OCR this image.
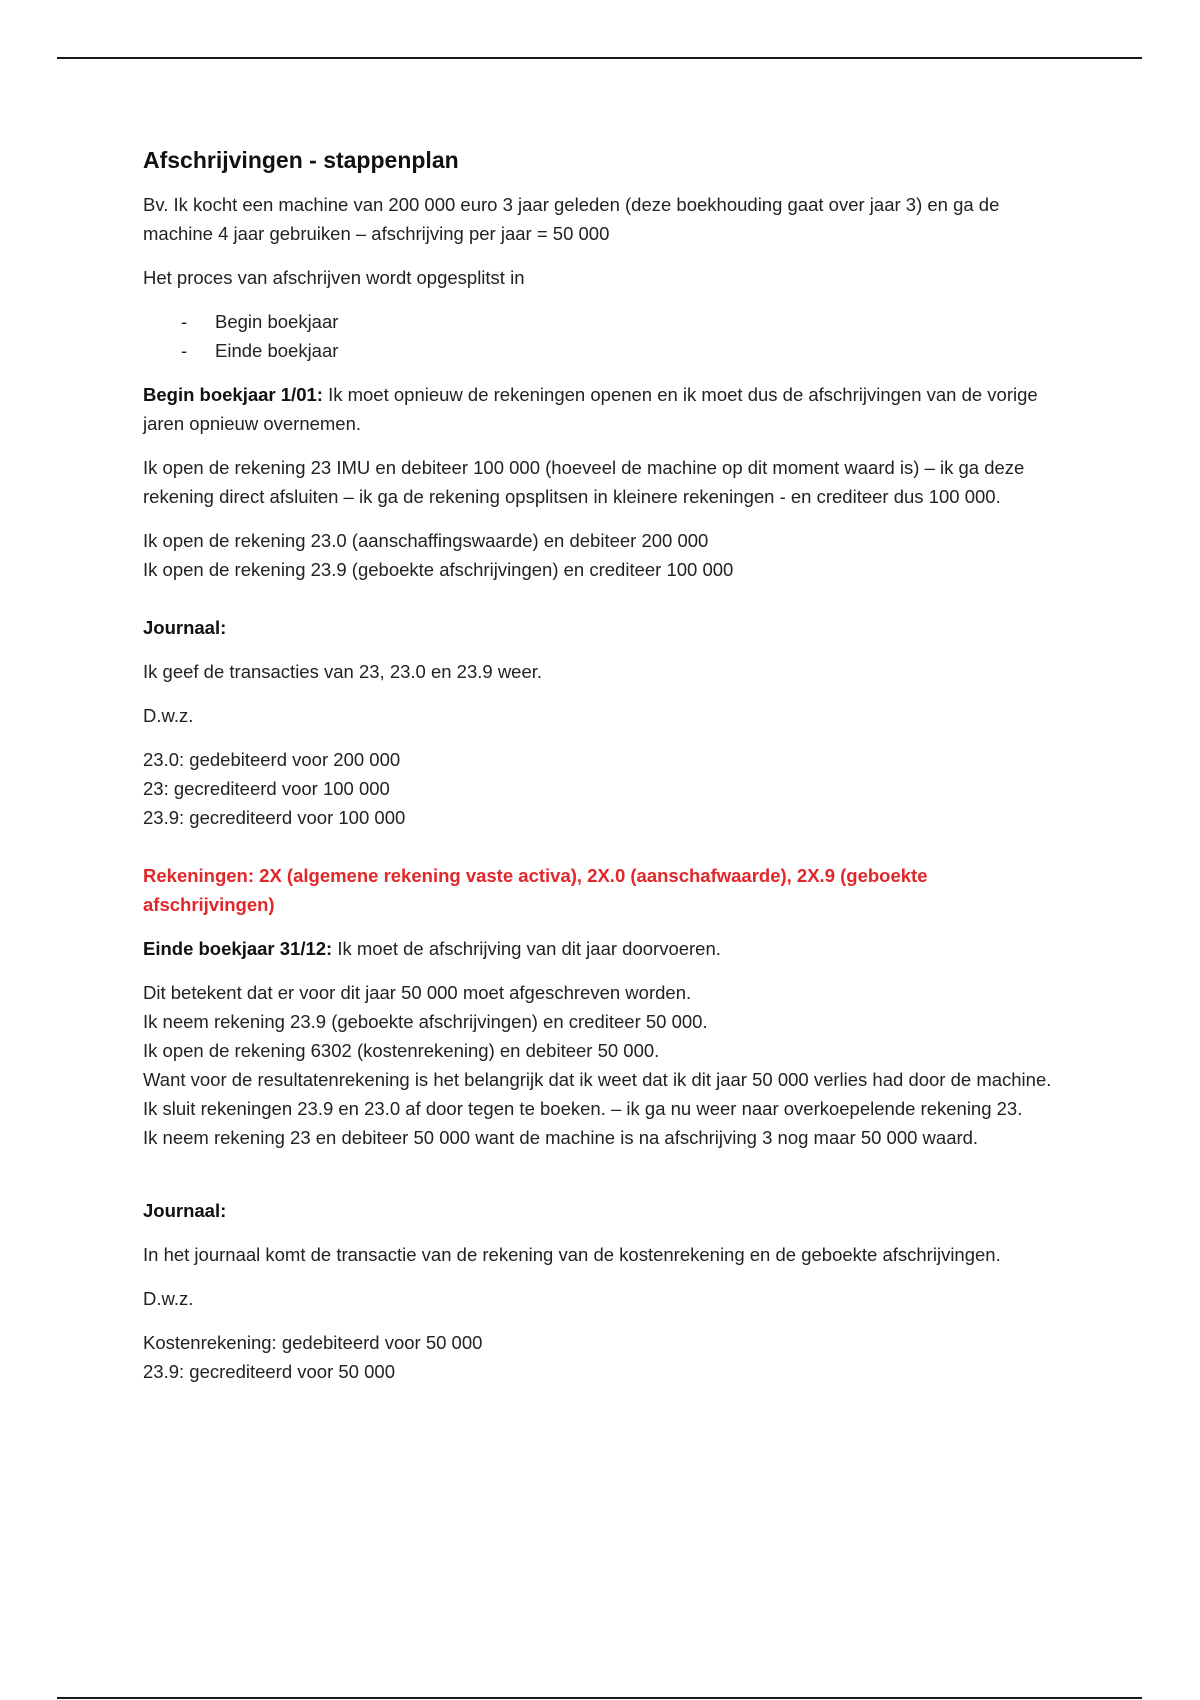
Afschrijvingen - stappenplan

Bv. Ik kocht een machine van 200 000 euro 3 jaar geleden (deze boekhouding gaat over jaar 3) en ga de machine 4 jaar gebruiken – afschrijving per jaar = 50 000

Het proces van afschrijven wordt opgesplitst in

- Begin boekjaar
- Einde boekjaar

Begin boekjaar 1/01: Ik moet opnieuw de rekeningen openen en ik moet dus de afschrijvingen van de vorige jaren opnieuw overnemen.

Ik open de rekening 23 IMU en debiteer 100 000 (hoeveel de machine op dit moment waard is) – ik ga deze rekening direct afsluiten – ik ga de rekening opsplitsen in kleinere rekeningen - en crediteer dus 100 000.

Ik open de rekening 23.0 (aanschaffingswaarde) en debiteer 200 000
Ik open de rekening 23.9 (geboekte afschrijvingen) en crediteer 100 000

Journaal:

Ik geef de transacties van 23, 23.0 en 23.9 weer.

D.w.z.

23.0: gedebiteerd voor 200 000
23: gecrediteerd voor 100 000
23.9: gecrediteerd voor 100 000

Rekeningen: 2X (algemene rekening vaste activa), 2X.0 (aanschafwaarde), 2X.9 (geboekte afschrijvingen)

Einde boekjaar 31/12: Ik moet de afschrijving van dit jaar doorvoeren.

Dit betekent dat er voor dit jaar 50 000 moet afgeschreven worden.
Ik neem rekening 23.9 (geboekte afschrijvingen) en crediteer 50 000.
Ik open de rekening 6302 (kostenrekening) en debiteer 50 000.
Want voor de resultatenrekening is het belangrijk dat ik weet dat ik dit jaar 50 000 verlies had door de machine.
Ik sluit rekeningen 23.9 en 23.0 af door tegen te boeken. – ik ga nu weer naar overkoepelende rekening 23.
Ik neem rekening 23 en debiteer 50 000 want de machine is na afschrijving 3 nog maar 50 000 waard.

Journaal:

In het journaal komt de transactie van de rekening van de kostenrekening en de geboekte afschrijvingen.

D.w.z.

Kostenrekening: gedebiteerd voor 50 000
23.9: gecrediteerd voor 50 000
